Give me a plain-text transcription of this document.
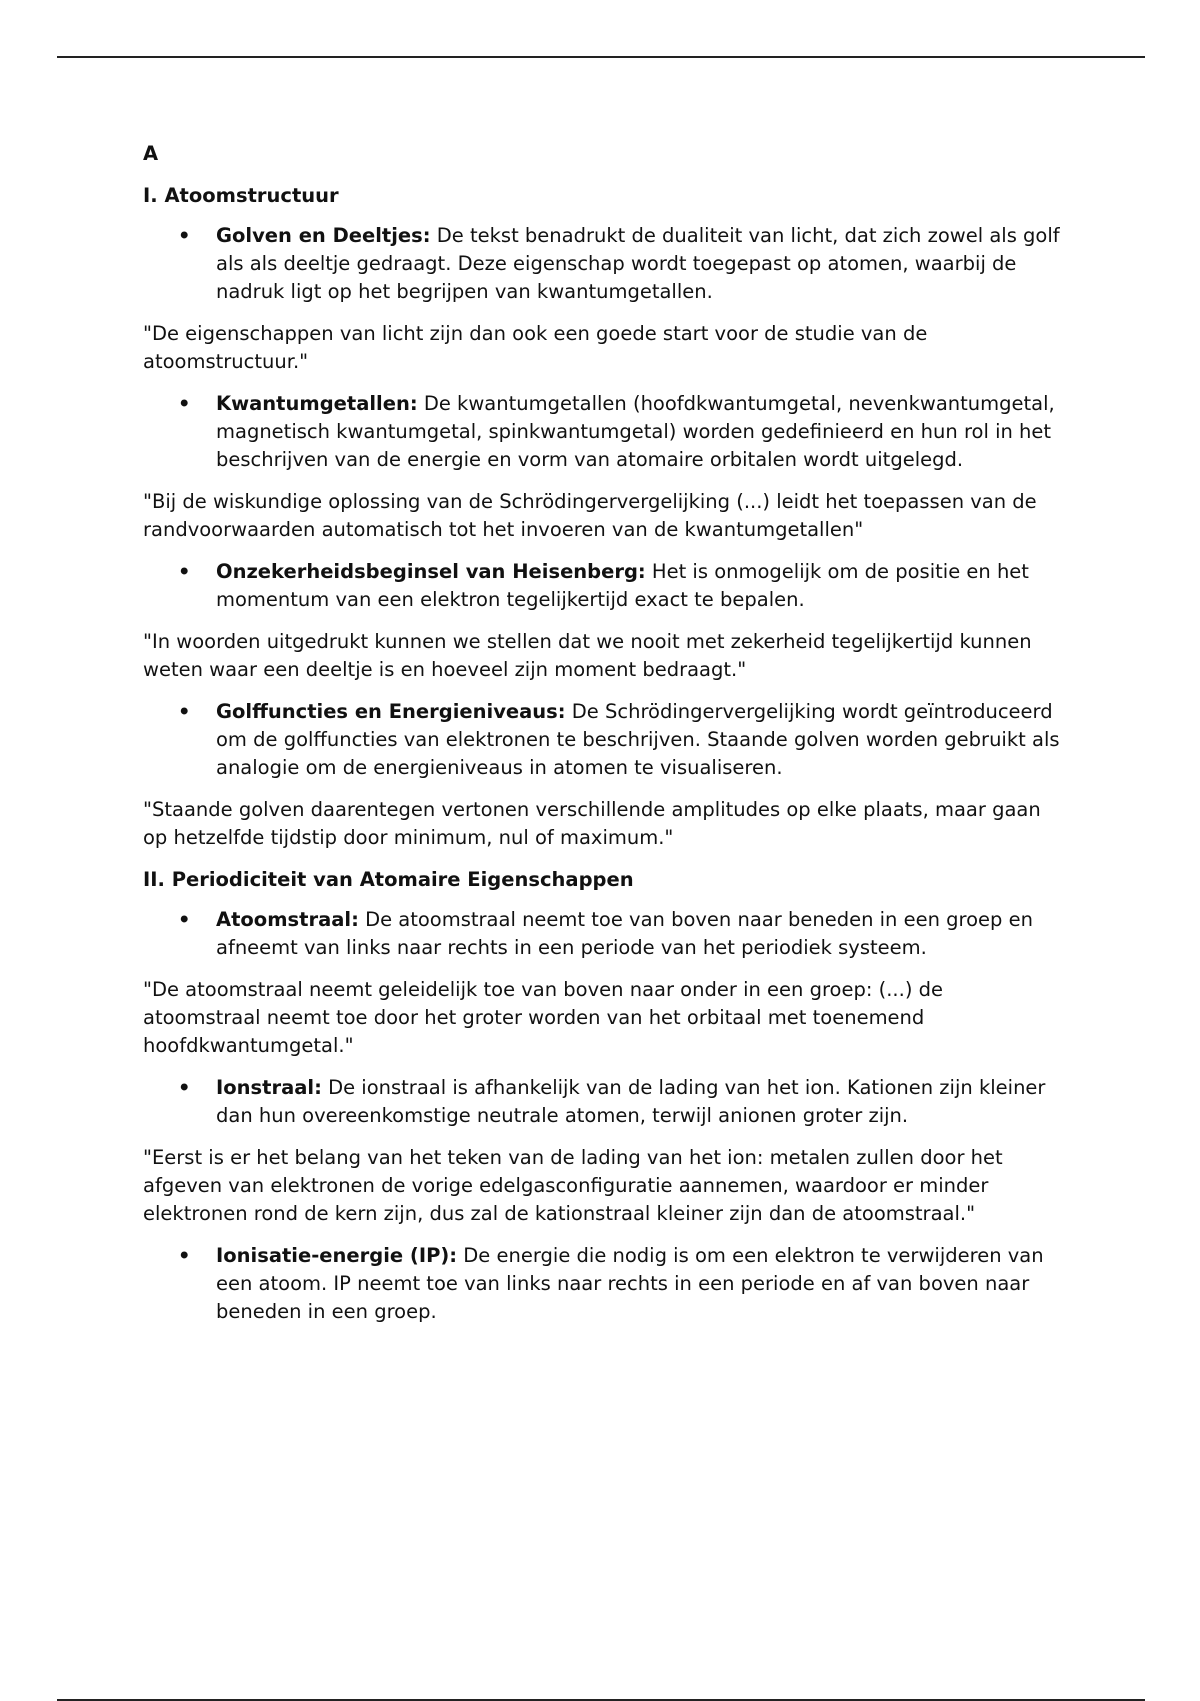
A
I. Atoomstructuur
• Golven en Deeltjes: De tekst benadrukt de dualiteit van licht, dat zich zowel als golf als als deeltje gedraagt. Deze eigenschap wordt toegepast op atomen, waarbij de nadruk ligt op het begrijpen van kwantumgetallen.

"De eigenschappen van licht zijn dan ook een goede start voor de studie van de atoomstructuur."

• Kwantumgetallen: De kwantumgetallen (hoofdkwantumgetal, nevenkwantumgetal, magnetisch kwantumgetal, spinkwantumgetal) worden gedefinieerd en hun rol in het beschrijven van de energie en vorm van atomaire orbitalen wordt uitgelegd.

"Bij de wiskundige oplossing van de Schrödingervergelijking (...) leidt het toepassen van de randvoorwaarden automatisch tot het invoeren van de kwantumgetallen"

• Onzekerheidsbeginsel van Heisenberg: Het is onmogelijk om de positie en het momentum van een elektron tegelijkertijd exact te bepalen.

"In woorden uitgedrukt kunnen we stellen dat we nooit met zekerheid tegelijkertijd kunnen weten waar een deeltje is en hoeveel zijn moment bedraagt."

• Golffuncties en Energieniveaus: De Schrödingervergelijking wordt geïntroduceerd om de golffuncties van elektronen te beschrijven. Staande golven worden gebruikt als analogie om de energieniveaus in atomen te visualiseren.

"Staande golven daarentegen vertonen verschillende amplitudes op elke plaats, maar gaan op hetzelfde tijdstip door minimum, nul of maximum."

II. Periodiciteit van Atomaire Eigenschappen
• Atoomstraal: De atoomstraal neemt toe van boven naar beneden in een groep en afneemt van links naar rechts in een periode van het periodiek systeem.

"De atoomstraal neemt geleidelijk toe van boven naar onder in een groep: (...) de atoomstraal neemt toe door het groter worden van het orbitaal met toenemend hoofdkwantumgetal."

• Ionstraal: De ionstraal is afhankelijk van de lading van het ion. Kationen zijn kleiner dan hun overeenkomstige neutrale atomen, terwijl anionen groter zijn.

"Eerst is er het belang van het teken van de lading van het ion: metalen zullen door het afgeven van elektronen de vorige edelgasconfiguratie aannemen, waardoor er minder elektronen rond de kern zijn, dus zal de kationstraal kleiner zijn dan de atoomstraal."

• Ionisatie-energie (IP): De energie die nodig is om een elektron te verwijderen van een atoom. IP neemt toe van links naar rechts in een periode en af van boven naar beneden in een groep.
